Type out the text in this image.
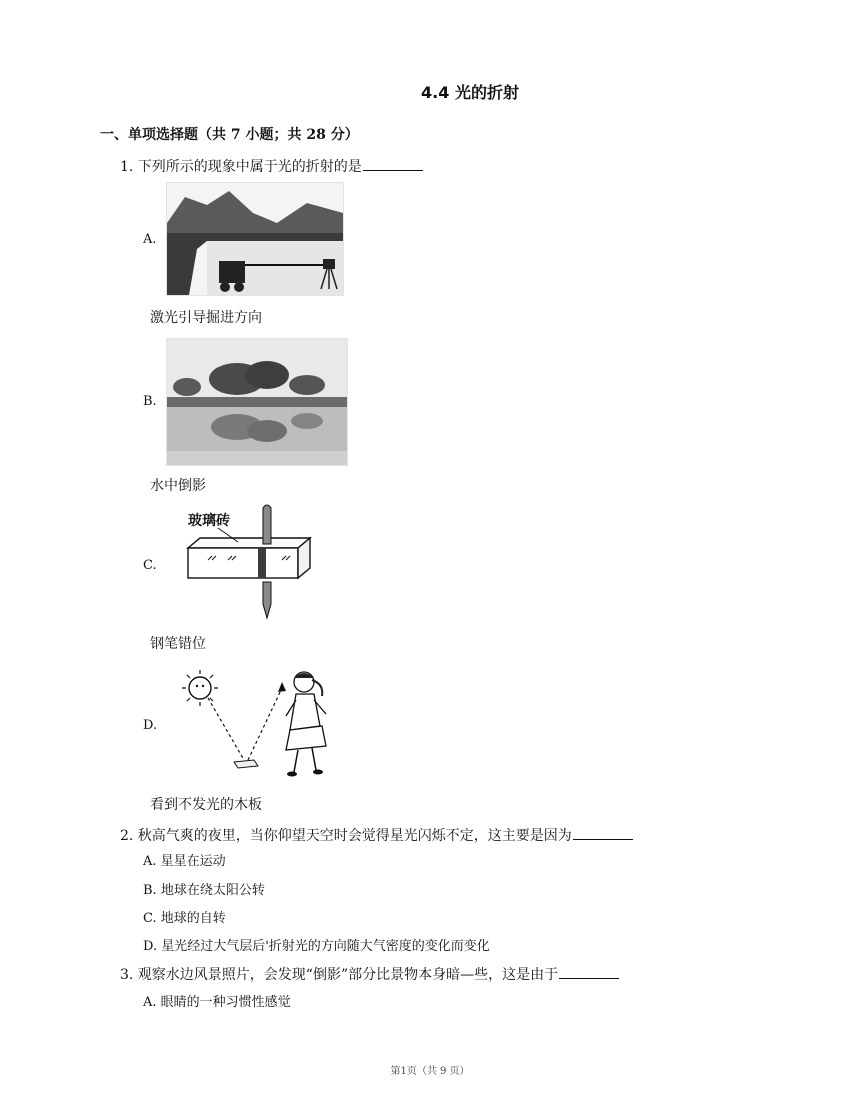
4.4 光的折射
一、单项选择题（共 7 小题；共 28 分）
1. 下列所示的现象中属于光的折射的是
A.
激光引导掘进方向
B.
水中倒影
C.
玻璃砖
钢笔错位
D.
看到不发光的木板
2. 秋高气爽的夜里，当你仰望天空时会觉得星光闪烁不定，这主要是因为
A. 星星在运动
B. 地球在绕太阳公转
C. 地球的自转
D. 星光经过大气层后'折射光的方向随大气密度的变化而变化
3. 观察水边风景照片，会发现“倒影”部分比景物本身暗—些，这是由于
A. 眼睛的一种习惯性感觉
第1页（共 9 页）
